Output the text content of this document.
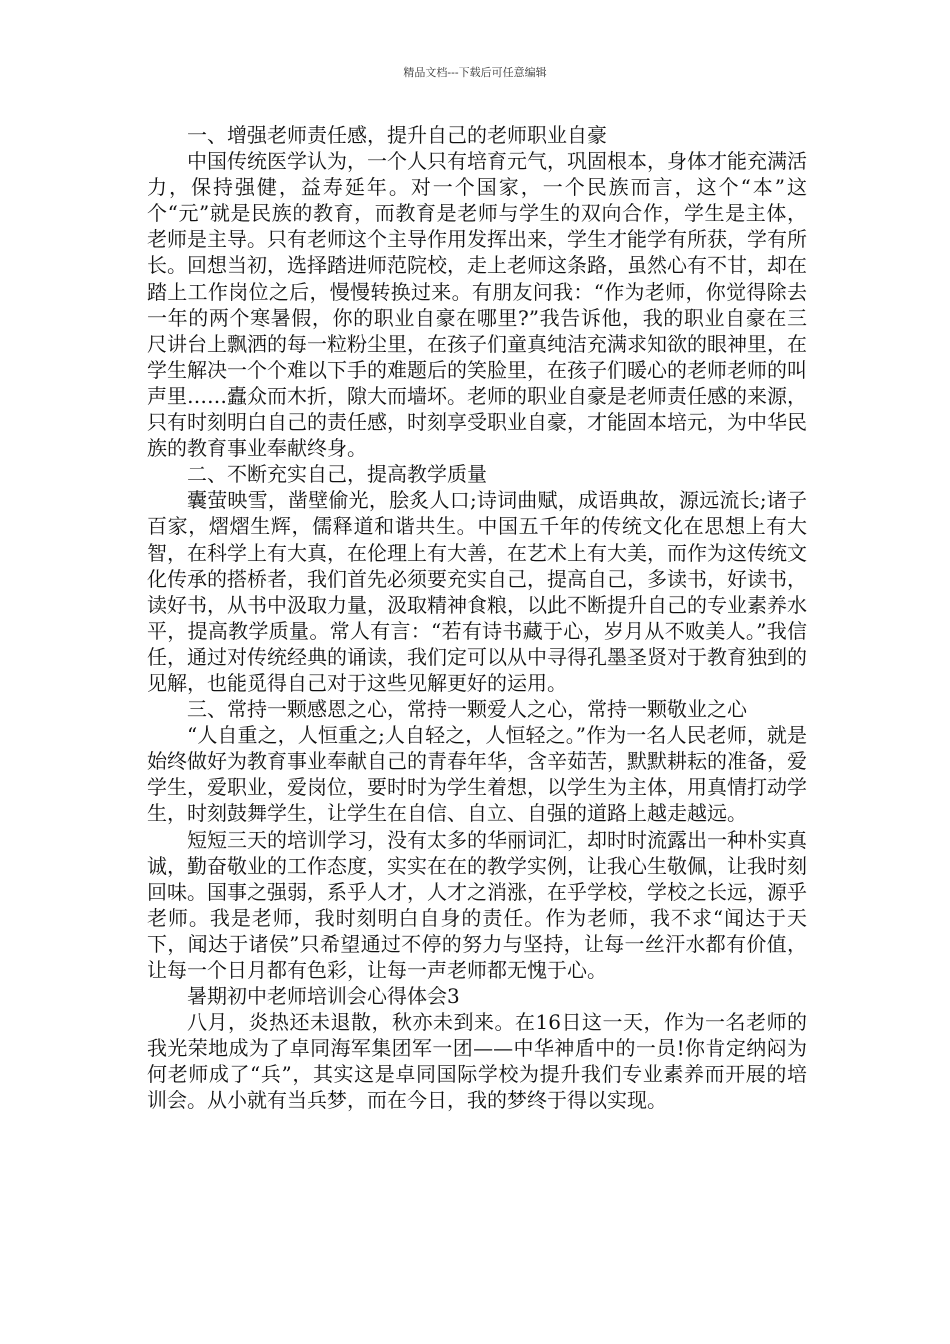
精品文档---下载后可任意编辑

一、增强老师责任感，提升自己的老师职业自豪

中国传统医学认为，一个人只有培育元气，巩固根本，身体才能充满活力，保持强健，益寿延年。对一个国家，一个民族而言，这个“本”这个“元”就是民族的教育，而教育是老师与学生的双向合作，学生是主体，老师是主导。只有老师这个主导作用发挥出来，学生才能学有所获，学有所长。回想当初，选择踏进师范院校，走上老师这条路，虽然心有不甘，却在踏上工作岗位之后，慢慢转换过来。有朋友问我：“作为老师，你觉得除去一年的两个寒暑假，你的职业自豪在哪里?”我告诉他，我的职业自豪在三尺讲台上飘洒的每一粒粉尘里，在孩子们童真纯洁充满求知欲的眼神里，在学生解决一个个难以下手的难题后的笑脸里，在孩子们暖心的老师老师的叫声里……蠹众而木折，隙大而墙坏。老师的职业自豪是老师责任感的来源，只有时刻明白自己的责任感，时刻享受职业自豪，才能固本培元，为中华民族的教育事业奉献终身。

二、不断充实自己，提高教学质量

囊萤映雪，凿壁偷光，脍炙人口;诗词曲赋，成语典故，源远流长;诸子百家，熠熠生辉，儒释道和谐共生。中国五千年的传统文化在思想上有大智，在科学上有大真，在伦理上有大善，在艺术上有大美，而作为这传统文化传承的搭桥者，我们首先必须要充实自己，提高自己，多读书，好读书，读好书，从书中汲取力量，汲取精神食粮，以此不断提升自己的专业素养水平，提高教学质量。常人有言：“若有诗书藏于心，岁月从不败美人。”我信任，通过对传统经典的诵读，我们定可以从中寻得孔墨圣贤对于教育独到的见解，也能觅得自己对于这些见解更好的运用。

三、常持一颗感恩之心，常持一颗爱人之心，常持一颗敬业之心

“人自重之，人恒重之;人自轻之，人恒轻之。”作为一名人民老师，就是始终做好为教育事业奉献自己的青春年华，含辛茹苦，默默耕耘的准备，爱学生，爱职业，爱岗位，要时时为学生着想，以学生为主体，用真情打动学生，时刻鼓舞学生，让学生在自信、自立、自强的道路上越走越远。

短短三天的培训学习，没有太多的华丽词汇，却时时流露出一种朴实真诚，勤奋敬业的工作态度，实实在在的教学实例，让我心生敬佩，让我时刻回味。国事之强弱，系乎人才，人才之消涨，在乎学校，学校之长远，源乎老师。我是老师，我时刻明白自身的责任。作为老师，我不求“闻达于天下，闻达于诸侯”只希望通过不停的努力与坚持，让每一丝汗水都有价值，让每一个日月都有色彩，让每一声老师都无愧于心。

暑期初中老师培训会心得体会3

八月，炎热还未退散，秋亦未到来。在16日这一天，作为一名老师的我光荣地成为了卓同海军集团军一团——中华神盾中的一员!你肯定纳闷为何老师成了“兵”，其实这是卓同国际学校为提升我们专业素养而开展的培训会。从小就有当兵梦，而在今日，我的梦终于得以实现。
